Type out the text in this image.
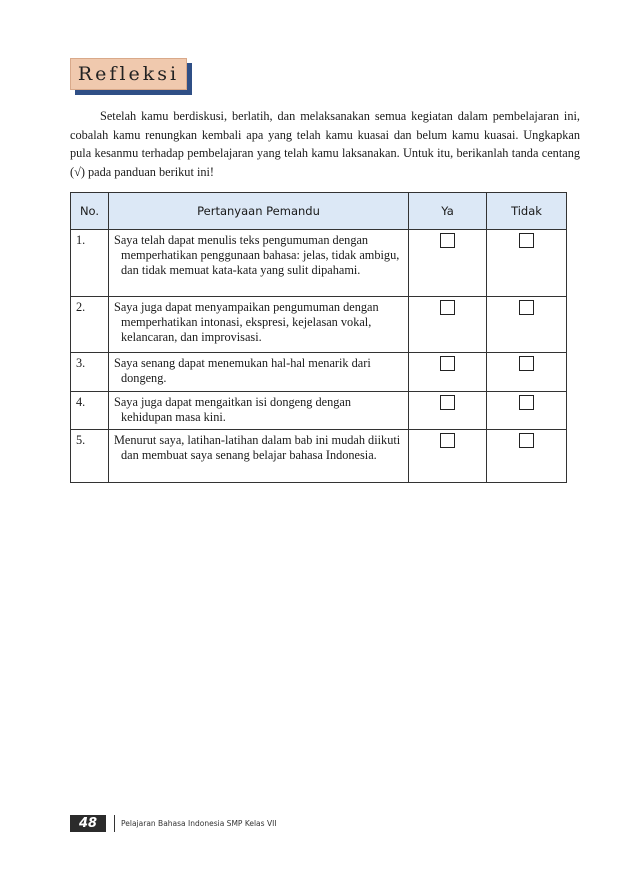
Refleksi

Setelah kamu berdiskusi, berlatih, dan melaksanakan semua kegiatan dalam pembelajaran ini, cobalah kamu renungkan kembali apa yang telah kamu kuasai dan belum kamu kuasai. Ungkapkan pula kesanmu terhadap pembelajaran yang telah kamu laksanakan. Untuk itu, berikanlah tanda centang (√) pada panduan berikut ini!

No.	Pertanyaan Pemandu	Ya	Tidak
1.	Saya telah dapat menulis teks pengumuman dengan memperhatikan penggunaan bahasa: jelas, tidak ambigu, dan tidak memuat kata-kata yang sulit dipahami.		

2.	Saya juga dapat menyampaikan pengumuman dengan memperhatikan intonasi, ekspresi, kejelasan vokal, kelancaran, dan improvisasi.		

3.	Saya senang dapat menemukan hal-hal menarik dari dongeng.		

4.	Saya juga dapat mengaitkan isi dongeng dengan kehidupan masa kini.		

5.	Menurut saya, latihan-latihan dalam bab ini mudah diikuti dan membuat saya senang belajar bahasa Indonesia.		

48	Pelajaran Bahasa Indonesia SMP Kelas VII
